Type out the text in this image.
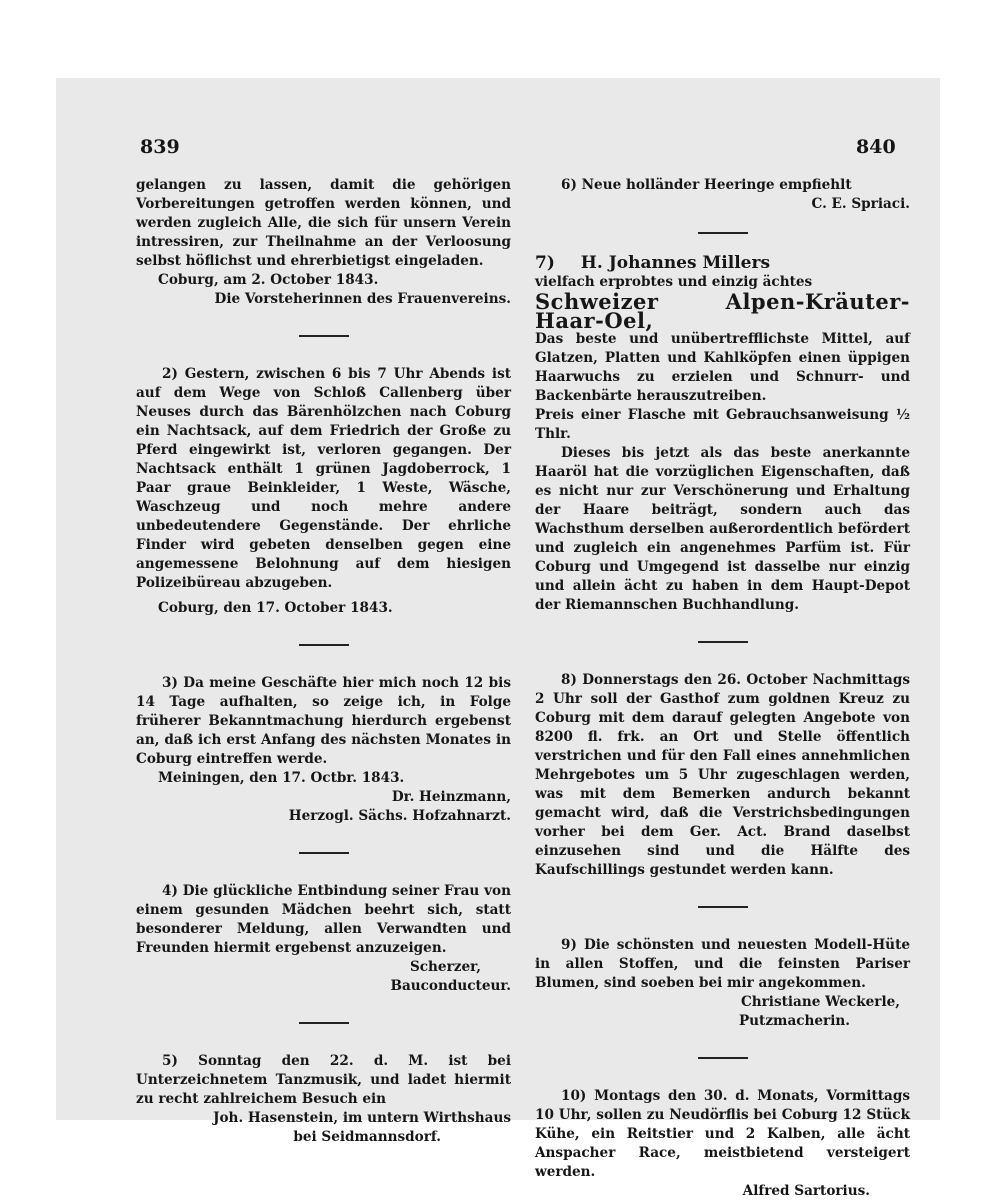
839	840

gelangen zu lassen, damit die gehörigen Vorbereitungen getroffen werden können, und werden zugleich Alle, die sich für unsern Verein intressiren, zur Theilnahme an der Verloosung selbst höflichst und ehrerbietigst eingeladen.

Coburg, am 2. October 1843.

Die Vorsteherinnen des Frauenvereins.

2) Gestern, zwischen 6 bis 7 Uhr Abends ist auf dem Wege von Schloß Callenberg über Neuses durch das Bärenhölzchen nach Coburg ein Nachtsack, auf dem Friedrich der Große zu Pferd eingewirkt ist, verloren gegangen. Der Nachtsack enthält 1 grünen Jagdoberrock, 1 Paar graue Beinkleider, 1 Weste, Wäsche, Waschzeug und noch mehre andere unbedeutendere Gegenstände. Der ehrliche Finder wird gebeten denselben gegen eine angemessene Belohnung auf dem hiesigen Polizeibüreau abzugeben.

Coburg, den 17. October 1843.

3) Da meine Geschäfte hier mich noch 12 bis 14 Tage aufhalten, so zeige ich, in Folge früherer Bekanntmachung hierdurch ergebenst an, daß ich erst Anfang des nächsten Monates in Coburg eintreffen werde.

Meiningen, den 17. Octbr. 1843.

Dr. Heinzmann,

Herzogl. Sächs. Hofzahnarzt.

4) Die glückliche Entbindung seiner Frau von einem gesunden Mädchen beehrt sich, statt besonderer Meldung, allen Verwandten und Freunden hiermit ergebenst anzuzeigen.

Scherzer,

Bauconducteur.

5) Sonntag den 22. d. M. ist bei Unterzeichnetem Tanzmusik, und ladet hiermit zu recht zahlreichem Besuch ein

Joh. Hasenstein, im untern Wirthshaus

bei Seidmannsdorf.

6) Neue holländer Heeringe empfiehlt

C. E. Spriaci.

7) H. Johannes Millers

vielfach erprobtes und einzig ächtes

Schweizer Alpen-Kräuter-Haar-Oel,

Das beste und unübertrefflichste Mittel, auf Glatzen, Platten und Kahlköpfen einen üppigen Haarwuchs zu erzielen und Schnurr- und Backenbärte herauszutreiben.

Preis einer Flasche mit Gebrauchsanweisung ½ Thlr.

Dieses bis jetzt als das beste anerkannte Haaröl hat die vorzüglichen Eigenschaften, daß es nicht nur zur Verschönerung und Erhaltung der Haare beiträgt, sondern auch das Wachsthum derselben außerordentlich befördert und zugleich ein angenehmes Parfüm ist. Für Coburg und Umgegend ist dasselbe nur einzig und allein ächt zu haben in dem Haupt-Depot der Riemannschen Buchhandlung.

8) Donnerstags den 26. October Nachmittags 2 Uhr soll der Gasthof zum goldnen Kreuz zu Coburg mit dem darauf gelegten Angebote von 8200 fl. frk. an Ort und Stelle öffentlich verstrichen und für den Fall eines annehmlichen Mehrgebotes um 5 Uhr zugeschlagen werden, was mit dem Bemerken andurch bekannt gemacht wird, daß die Verstrichsbedingungen vorher bei dem Ger. Act. Brand daselbst einzusehen sind und die Hälfte des Kaufschillings gestundet werden kann.

9) Die schönsten und neuesten Modell-Hüte in allen Stoffen, und die feinsten Pariser Blumen, sind soeben bei mir angekommen.

Christiane Weckerle,

Putzmacherin.

10) Montags den 30. d. Monats, Vormittags 10 Uhr, sollen zu Neudörflis bei Coburg 12 Stück Kühe, ein Reitstier und 2 Kalben, alle ächt Anspacher Race, meistbietend versteigert werden.

Alfred Sartorius.
